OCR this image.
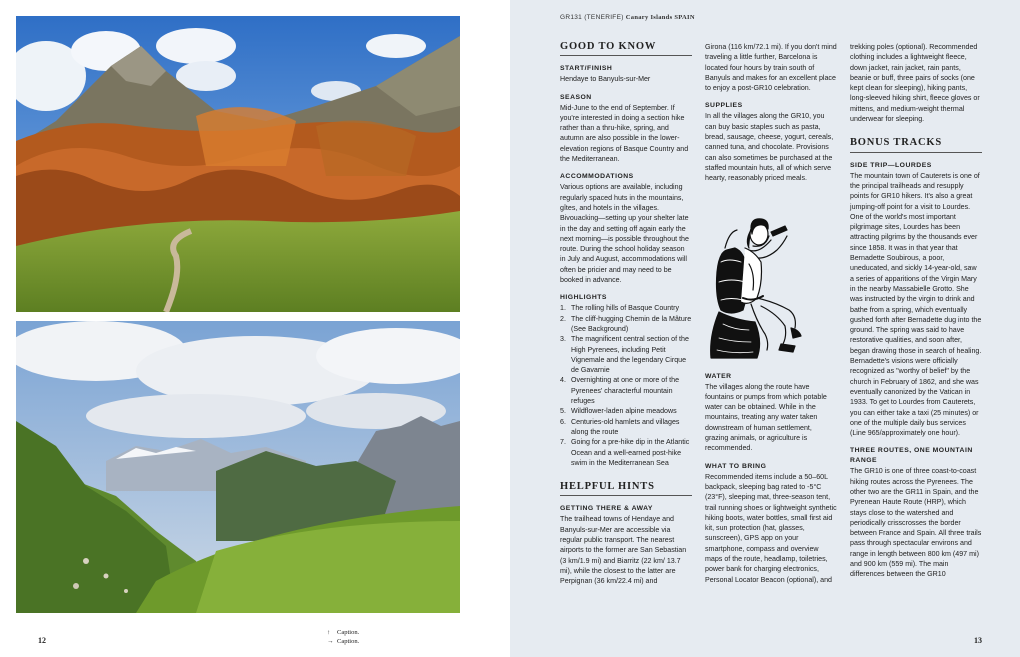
12
↑ Caption.
→ Caption.
GR131 (TENERIFE) Canary Islands SPAIN
GOOD TO KNOW
START/FINISH

Hendaye to Banyuls-sur-Mer

SEASON

Mid-June to the end of September. If you're interested in doing a section hike rather than a thru-hike, spring, and autumn are also possible in the lower-elevation regions of Basque Country and the Mediterranean.

ACCOMMODATIONS

Various options are available, including regularly spaced huts in the mountains, gîtes, and hotels in the villages. Bivouacking—setting up your shelter late in the day and setting off again early the next morning—is possible throughout the route. During the school holiday season in July and August, accommodations will often be pricier and may need to be booked in advance.

HIGHLIGHTS
1. The rolling hills of Basque Country
2. The cliff-hugging Chemin de la Mâture (See Background)
3. The magnificent central section of the High Pyrenees, including Petit Vignemale and the legendary Cirque de Gavarnie
4. Overnighting at one or more of the Pyrenees' characterful mountain refuges
5. Wildflower-laden alpine meadows
6. Centuries-old hamlets and villages along the route
7. Going for a pre-hike dip in the Atlantic Ocean and a well-earned post-hike swim in the Mediterranean Sea
HELPFUL HINTS
GETTING THERE & AWAY

The trailhead towns of Hendaye and Banyuls-sur-Mer are accessible via regular public transport. The nearest airports to the former are San Sebastian (3 km/1.9 mi) and Biarritz (22 km/ 13.7 mi), while the closest to the latter are Perpignan (36 km/22.4 mi) and

Girona (116 km/72.1 mi). If you don't mind traveling a little further, Barcelona is located four hours by train south of Banyuls and makes for an excellent place to enjoy a post-GR10 celebration.

SUPPLIES

In all the villages along the GR10, you can buy basic staples such as pasta, bread, sausage, cheese, yogurt, cereals, canned tuna, and chocolate. Provisions can also sometimes be purchased at the staffed mountain huts, all of which serve hearty, reasonably priced meals.

WATER

The villages along the route have fountains or pumps from which potable water can be obtained. While in the mountains, treating any water taken downstream of human settlement, grazing animals, or agriculture is recommended.

WHAT TO BRING

Recommended items include a 50–60L backpack, sleeping bag rated to -5°C (23°F), sleeping mat, three-season tent, trail running shoes or lightweight synthetic hiking boots, water bottles, small first aid kit, sun protection (hat, glasses, sunscreen), GPS app on your smartphone, compass and overview maps of the route, headlamp, toiletries, power bank for charging electronics, Personal Locator Beacon (optional), and

trekking poles (optional). Recommended clothing includes a lightweight fleece, down jacket, rain jacket, rain pants, beanie or buff, three pairs of socks (one kept clean for sleeping), hiking pants, long-sleeved hiking shirt, fleece gloves or mittens, and medium-weight thermal underwear for sleeping.

BONUS TRACKS
SIDE TRIP—LOURDES

The mountain town of Cauterets is one of the principal trailheads and resupply points for GR10 hikers. It's also a great jumping-off point for a visit to Lourdes. One of the world's most important pilgrimage sites, Lourdes has been attracting pilgrims by the thousands ever since 1858. It was in that year that Bernadette Soubirous, a poor, uneducated, and sickly 14-year-old, saw a series of apparitions of the Virgin Mary in the nearby Massabielle Grotto. She was instructed by the virgin to drink and bathe from a spring, which eventually gushed forth after Bernadette dug into the ground. The spring was said to have restorative qualities, and soon after, began drawing those in search of healing. Bernadette's visions were officially recognized as "worthy of belief" by the church in February of 1862, and she was eventually canonized by the Vatican in 1933. To get to Lourdes from Cauterets, you can either take a taxi (25 minutes) or one of the multiple daily bus services (Line 965/approximately one hour).

THREE ROUTES, ONE MOUNTAIN RANGE

The GR10 is one of three coast-to-coast hiking routes across the Pyrenees. The other two are the GR11 in Spain, and the Pyrenean Haute Route (HRP), which stays close to the watershed and periodically crisscrosses the border between France and Spain. All three trails pass through spectacular environs and range in length between 800 km (497 mi) and 900 km (559 mi). The main differences between the GR10

13
